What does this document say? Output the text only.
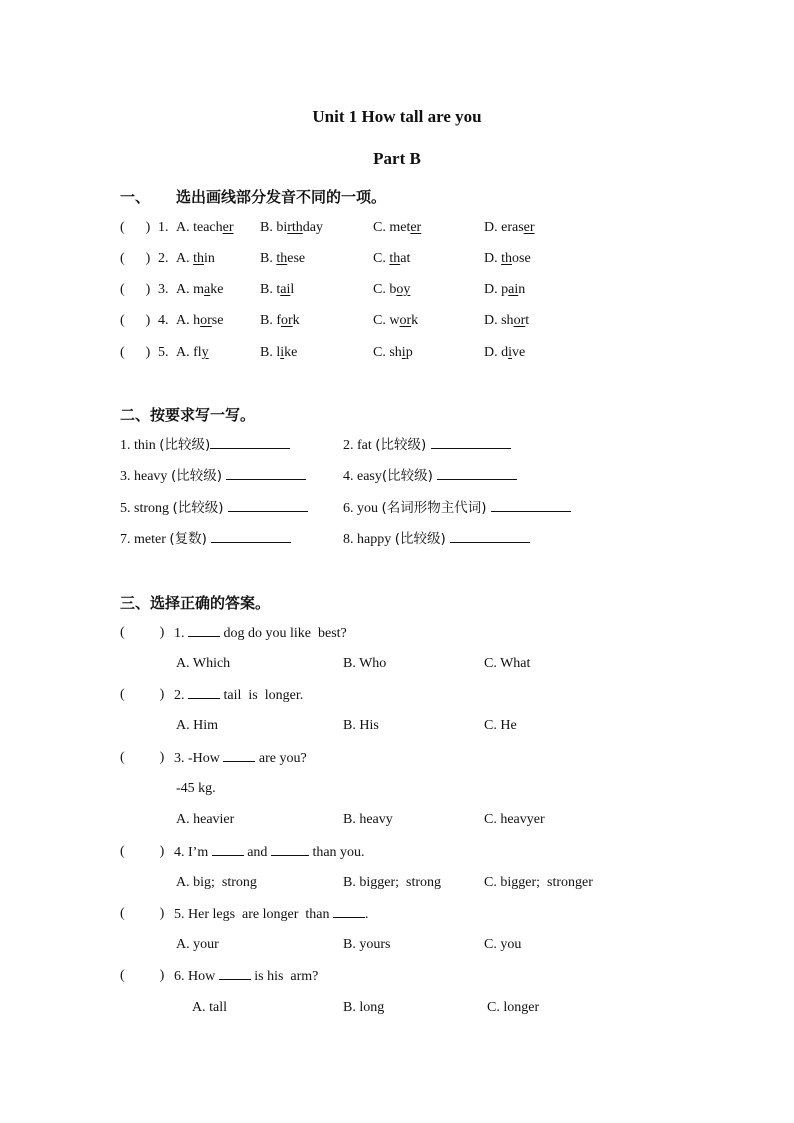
Unit 1 How tall are you
Part B
一、 选出画线部分发音不同的一项。
(      ) 1. A. teacher B. birthday	C. meter	D. eraser
(      ) 2. A. thin	B. these	C. that	D. those
(      ) 3. A. make	B. tail	C. boy	D. pain
(      ) 4. A. horse	B. fork	C. work	D. short
(      ) 5. A. fly	B. like	C. ship	D. dive
二、按要求写一写。
1. thin (比较级)	2. fat (比较级)
3. heavy (比较级)	4. easy(比较级)
5. strong (比较级)	6. you (名词形物主代词)
7. meter (复数)	8. happy (比较级)
三、选择正确的答案。
(          ) 1.  dog do you like  best?
A. Which	B. Who	C. What
(          ) 2.  tail  is  longer.
A. Him	B. His	C. He
(          ) 3. -How  are you?
-45 kg.
A. heavier	B. heavy	C. heavyer
(          ) 4. I’m  and	than you.
A. big;  strong	B. bigger;  strong	C. bigger;  stronger
(          ) 5. Her legs  are longer  than .
A. your	B. yours	C. you
(          ) 6. How  is his  arm?
A. tall	B. long	C. longer
